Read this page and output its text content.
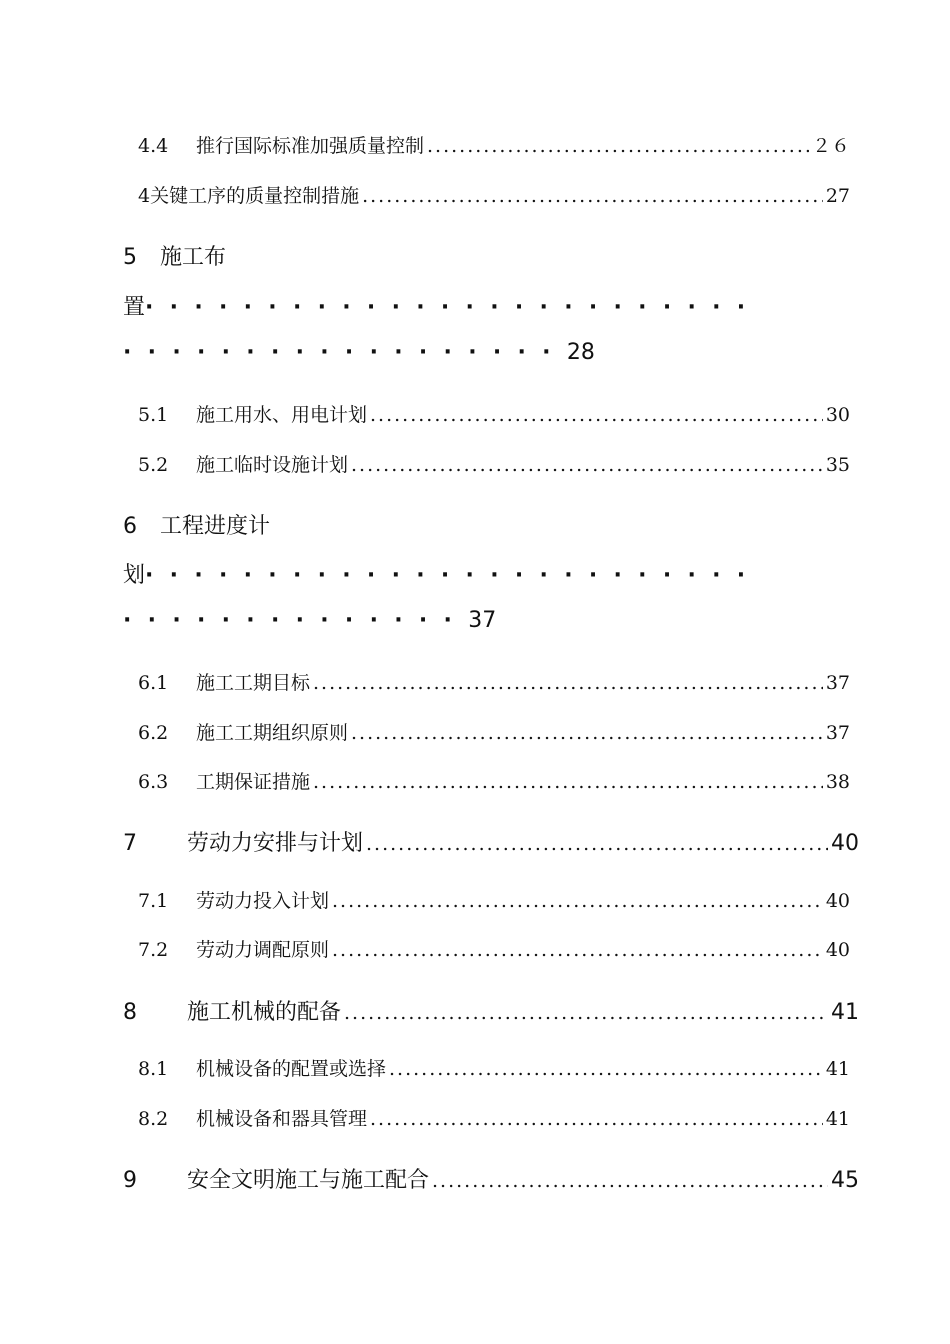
4.4	推行国际标准加强质量控制 .....	２６
4关键工序的质量控制措施 .....	27
5 施工布
置·························
··················28
5.1	施工用水、用电计划 .....	30
5.2	施工临时设施计划 .....	35
6 工程进度计
划·························
··············37
6.1	施工工期目标 .....	37
6.2	施工工期组织原则 .....	37
6.3	工期保证措施 .....	38
7	劳动力安排与计划 .....	40
7.1	劳动力投入计划 .....	40
7.2	劳动力调配原则 .....	40
8	施工机械的配备 .....	41
8.1	机械设备的配置或选择 .....	41
8.2	机械设备和器具管理 .....	41
9	安全文明施工与施工配合 .....	45
